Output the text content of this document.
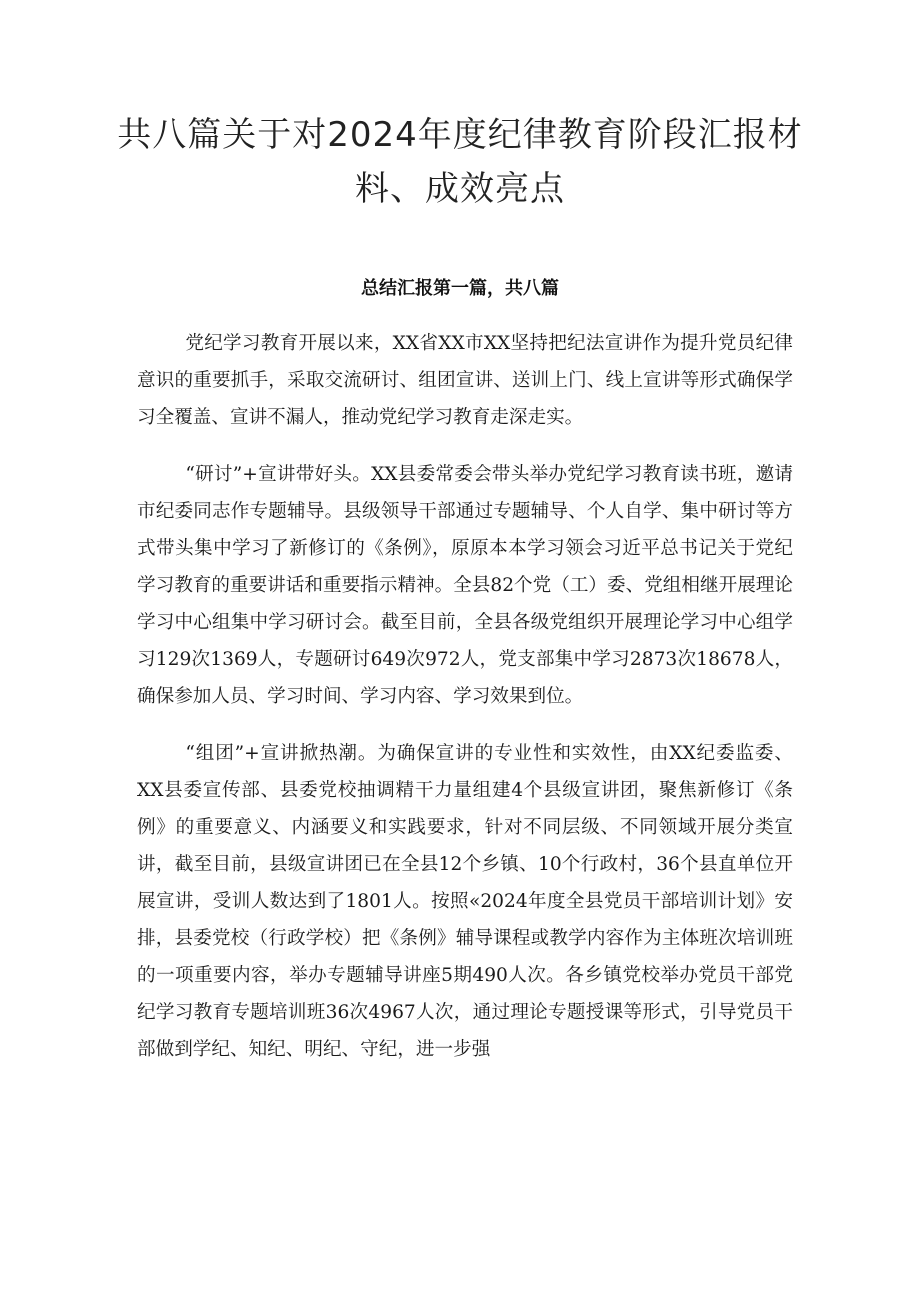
共八篇关于对2024年度纪律教育阶段汇报材料、成效亮点
总结汇报第一篇，共八篇

党纪学习教育开展以来，XX省XX市XX坚持把纪法宣讲作为提升党员纪律意识的重要抓手，采取交流研讨、组团宣讲、送训上门、线上宣讲等形式确保学习全覆盖、宣讲不漏人，推动党纪学习教育走深走实。

“研讨”+宣讲带好头。XX县委常委会带头举办党纪学习教育读书班，邀请市纪委同志作专题辅导。县级领导干部通过专题辅导、个人自学、集中研讨等方式带头集中学习了新修订的《条例》，原原本本学习领会习近平总书记关于党纪学习教育的重要讲话和重要指示精神。全县82个党（工）委、党组相继开展理论学习中心组集中学习研讨会。截至目前，全县各级党组织开展理论学习中心组学习129次1369人，专题研讨649次972人，党支部集中学习2873次18678人，确保参加人员、学习时间、学习内容、学习效果到位。

“组团”+宣讲掀热潮。为确保宣讲的专业性和实效性，由XX纪委监委、XX县委宣传部、县委党校抽调精干力量组建4个县级宣讲团，聚焦新修订《条例》的重要意义、内涵要义和实践要求，针对不同层级、不同领域开展分类宣讲，截至目前，县级宣讲团已在全县12个乡镇、10个行政村，36个县直单位开展宣讲，受训人数达到了1801人。按照«2024年度全县党员干部培训计划》安排，县委党校（行政学校）把《条例》辅导课程或教学内容作为主体班次培训班的一项重要内容，举办专题辅导讲座5期490人次。各乡镇党校举办党员干部党纪学习教育专题培训班36次4967人次，通过理论专题授课等形式，引导党员干部做到学纪、知纪、明纪、守纪，进一步强
